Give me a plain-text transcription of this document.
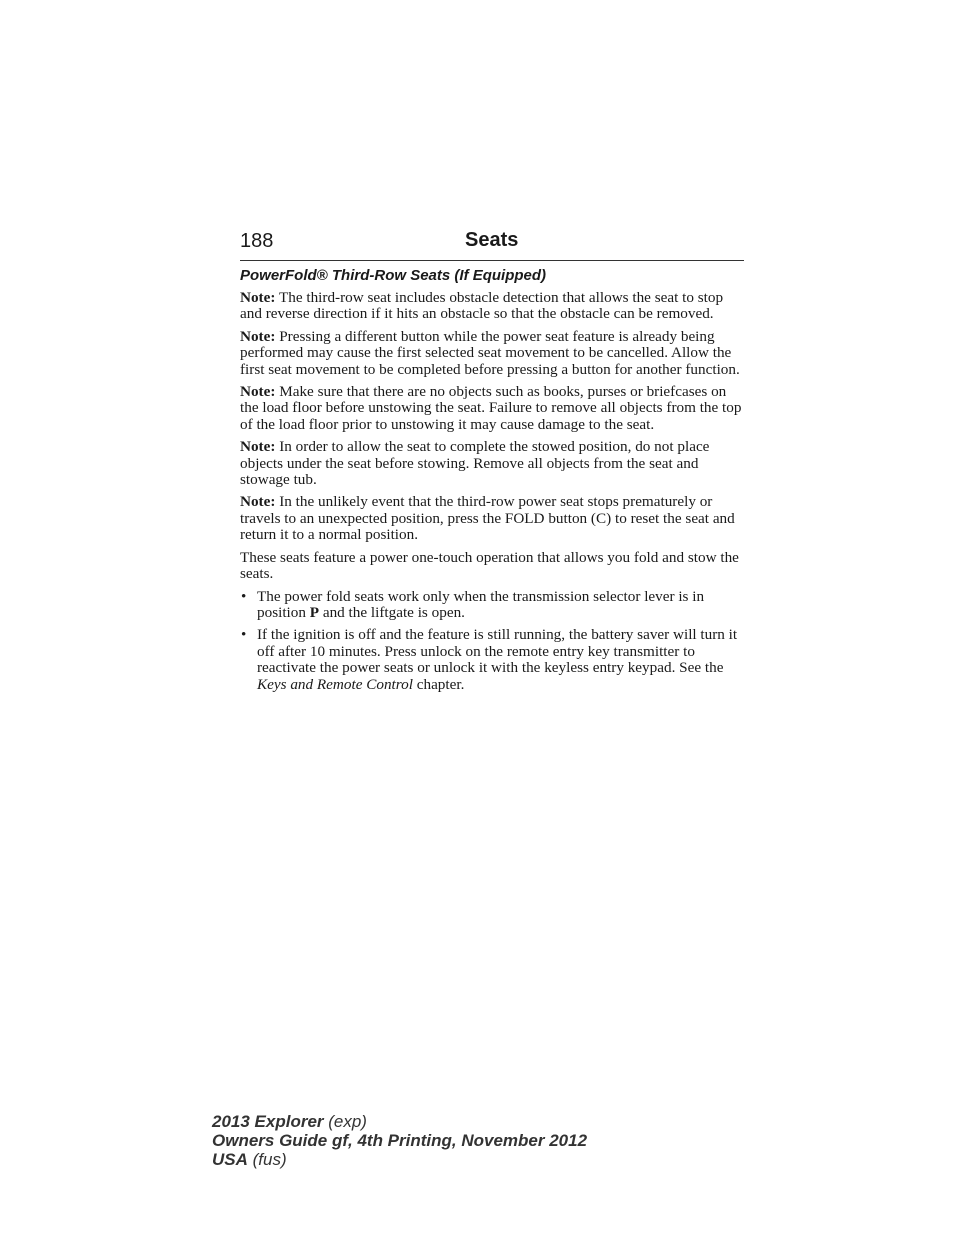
188	Seats
PowerFold® Third-Row Seats (If Equipped)

Note: The third-row seat includes obstacle detection that allows the seat to stop and reverse direction if it hits an obstacle so that the obstacle can be removed.

Note: Pressing a different button while the power seat feature is already being performed may cause the first selected seat movement to be cancelled. Allow the first seat movement to be completed before pressing a button for another function.

Note: Make sure that there are no objects such as books, purses or briefcases on the load floor before unstowing the seat. Failure to remove all objects from the top of the load floor prior to unstowing it may cause damage to the seat.

Note: In order to allow the seat to complete the stowed position, do not place objects under the seat before stowing. Remove all objects from the seat and stowage tub.

Note: In the unlikely event that the third-row power seat stops prematurely or travels to an unexpected position, press the FOLD button (C) to reset the seat and return it to a normal position.

These seats feature a power one-touch operation that allows you fold and stow the seats.

• The power fold seats work only when the transmission selector lever is in position P and the liftgate is open.
• If the ignition is off and the feature is still running, the battery saver will turn it off after 10 minutes. Press unlock on the remote entry key transmitter to reactivate the power seats or unlock it with the keyless entry keypad. See the Keys and Remote Control chapter.
2013 Explorer (exp)
Owners Guide gf, 4th Printing, November 2012
USA (fus)
